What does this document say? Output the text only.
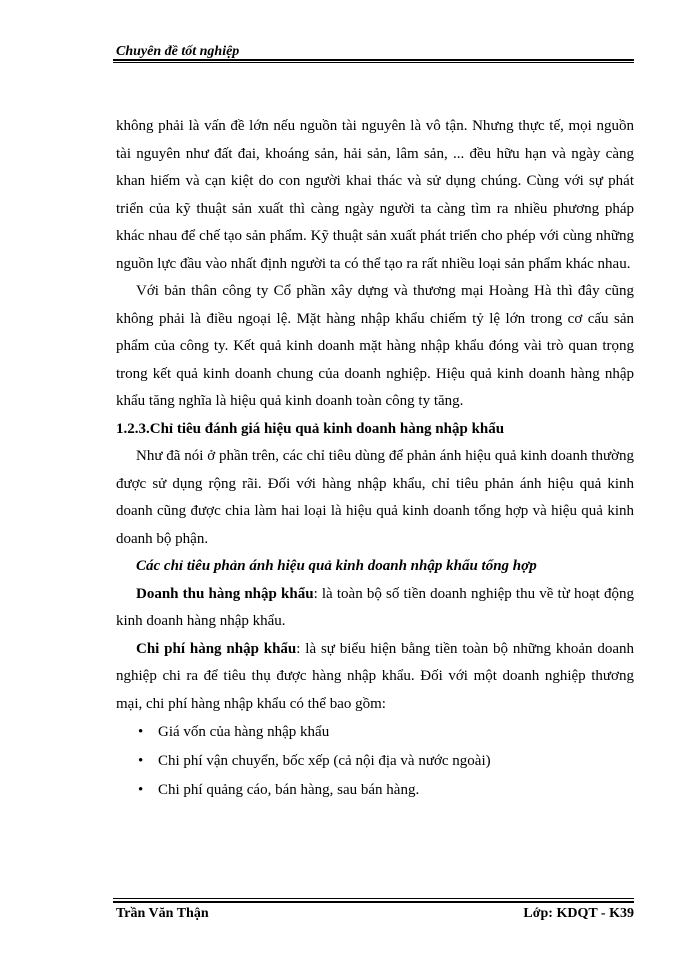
Chuyên đề tốt nghiệp

không phải là vấn đề lớn nếu nguồn tài nguyên là vô tận. Nhưng thực tế, mọi nguồn tài nguyên như đất đai, khoáng sản, hải sản, lâm sản, ... đều hữu hạn và ngày càng khan hiếm và cạn kiệt do con người khai thác và sử dụng chúng. Cùng với sự phát triển của kỹ thuật sản xuất thì càng ngày người ta càng tìm ra nhiều phương pháp khác nhau để chế tạo sản phẩm. Kỹ thuật sản xuất phát triển cho phép với cùng những nguồn lực đầu vào nhất định người ta có thể tạo ra rất nhiều loại sản phẩm khác nhau.

Với bản thân công ty Cổ phần xây dựng và thương mại Hoàng Hà thì đây cũng không phải là điều ngoại lệ. Mặt hàng nhập khẩu chiếm tỷ lệ lớn trong cơ cấu sản phẩm của công ty. Kết quả kinh doanh mặt hàng nhập khẩu đóng vài trò quan trọng trong kết quả kinh doanh chung của doanh nghiệp. Hiệu quả kinh doanh hàng nhập khẩu tăng nghĩa là hiệu quả kinh doanh toàn công ty tăng.

1.2.3.Chỉ tiêu đánh giá hiệu quả kinh doanh hàng nhập khẩu

Như đã nói ở phần trên, các chỉ tiêu dùng để phản ánh hiệu quả kinh doanh thường được sử dụng rộng rãi. Đối với hàng nhập khẩu, chỉ tiêu phản ánh hiệu quả kinh doanh cũng được chia làm hai loại là hiệu quả kinh doanh tổng hợp và hiệu quả kinh doanh bộ phận.

Các chỉ tiêu phản ánh hiệu quả kinh doanh nhập khẩu tổng hợp

Doanh thu hàng nhập khẩu: là toàn bộ số tiền doanh nghiệp thu về từ hoạt động kinh doanh hàng nhập khẩu.

Chi phí hàng nhập khẩu: là sự biểu hiện bằng tiền toàn bộ những khoản doanh nghiệp chi ra để tiêu thụ được hàng nhập khẩu. Đối với một doanh nghiệp thương mại, chi phí hàng nhập khẩu có thể bao gồm:

• Giá vốn của hàng nhập khẩu
• Chi phí vận chuyển, bốc xếp (cả nội địa và nước ngoài)
• Chi phí quảng cáo, bán hàng, sau bán hàng.
Trần Văn Thận	Lớp: KDQT - K39
